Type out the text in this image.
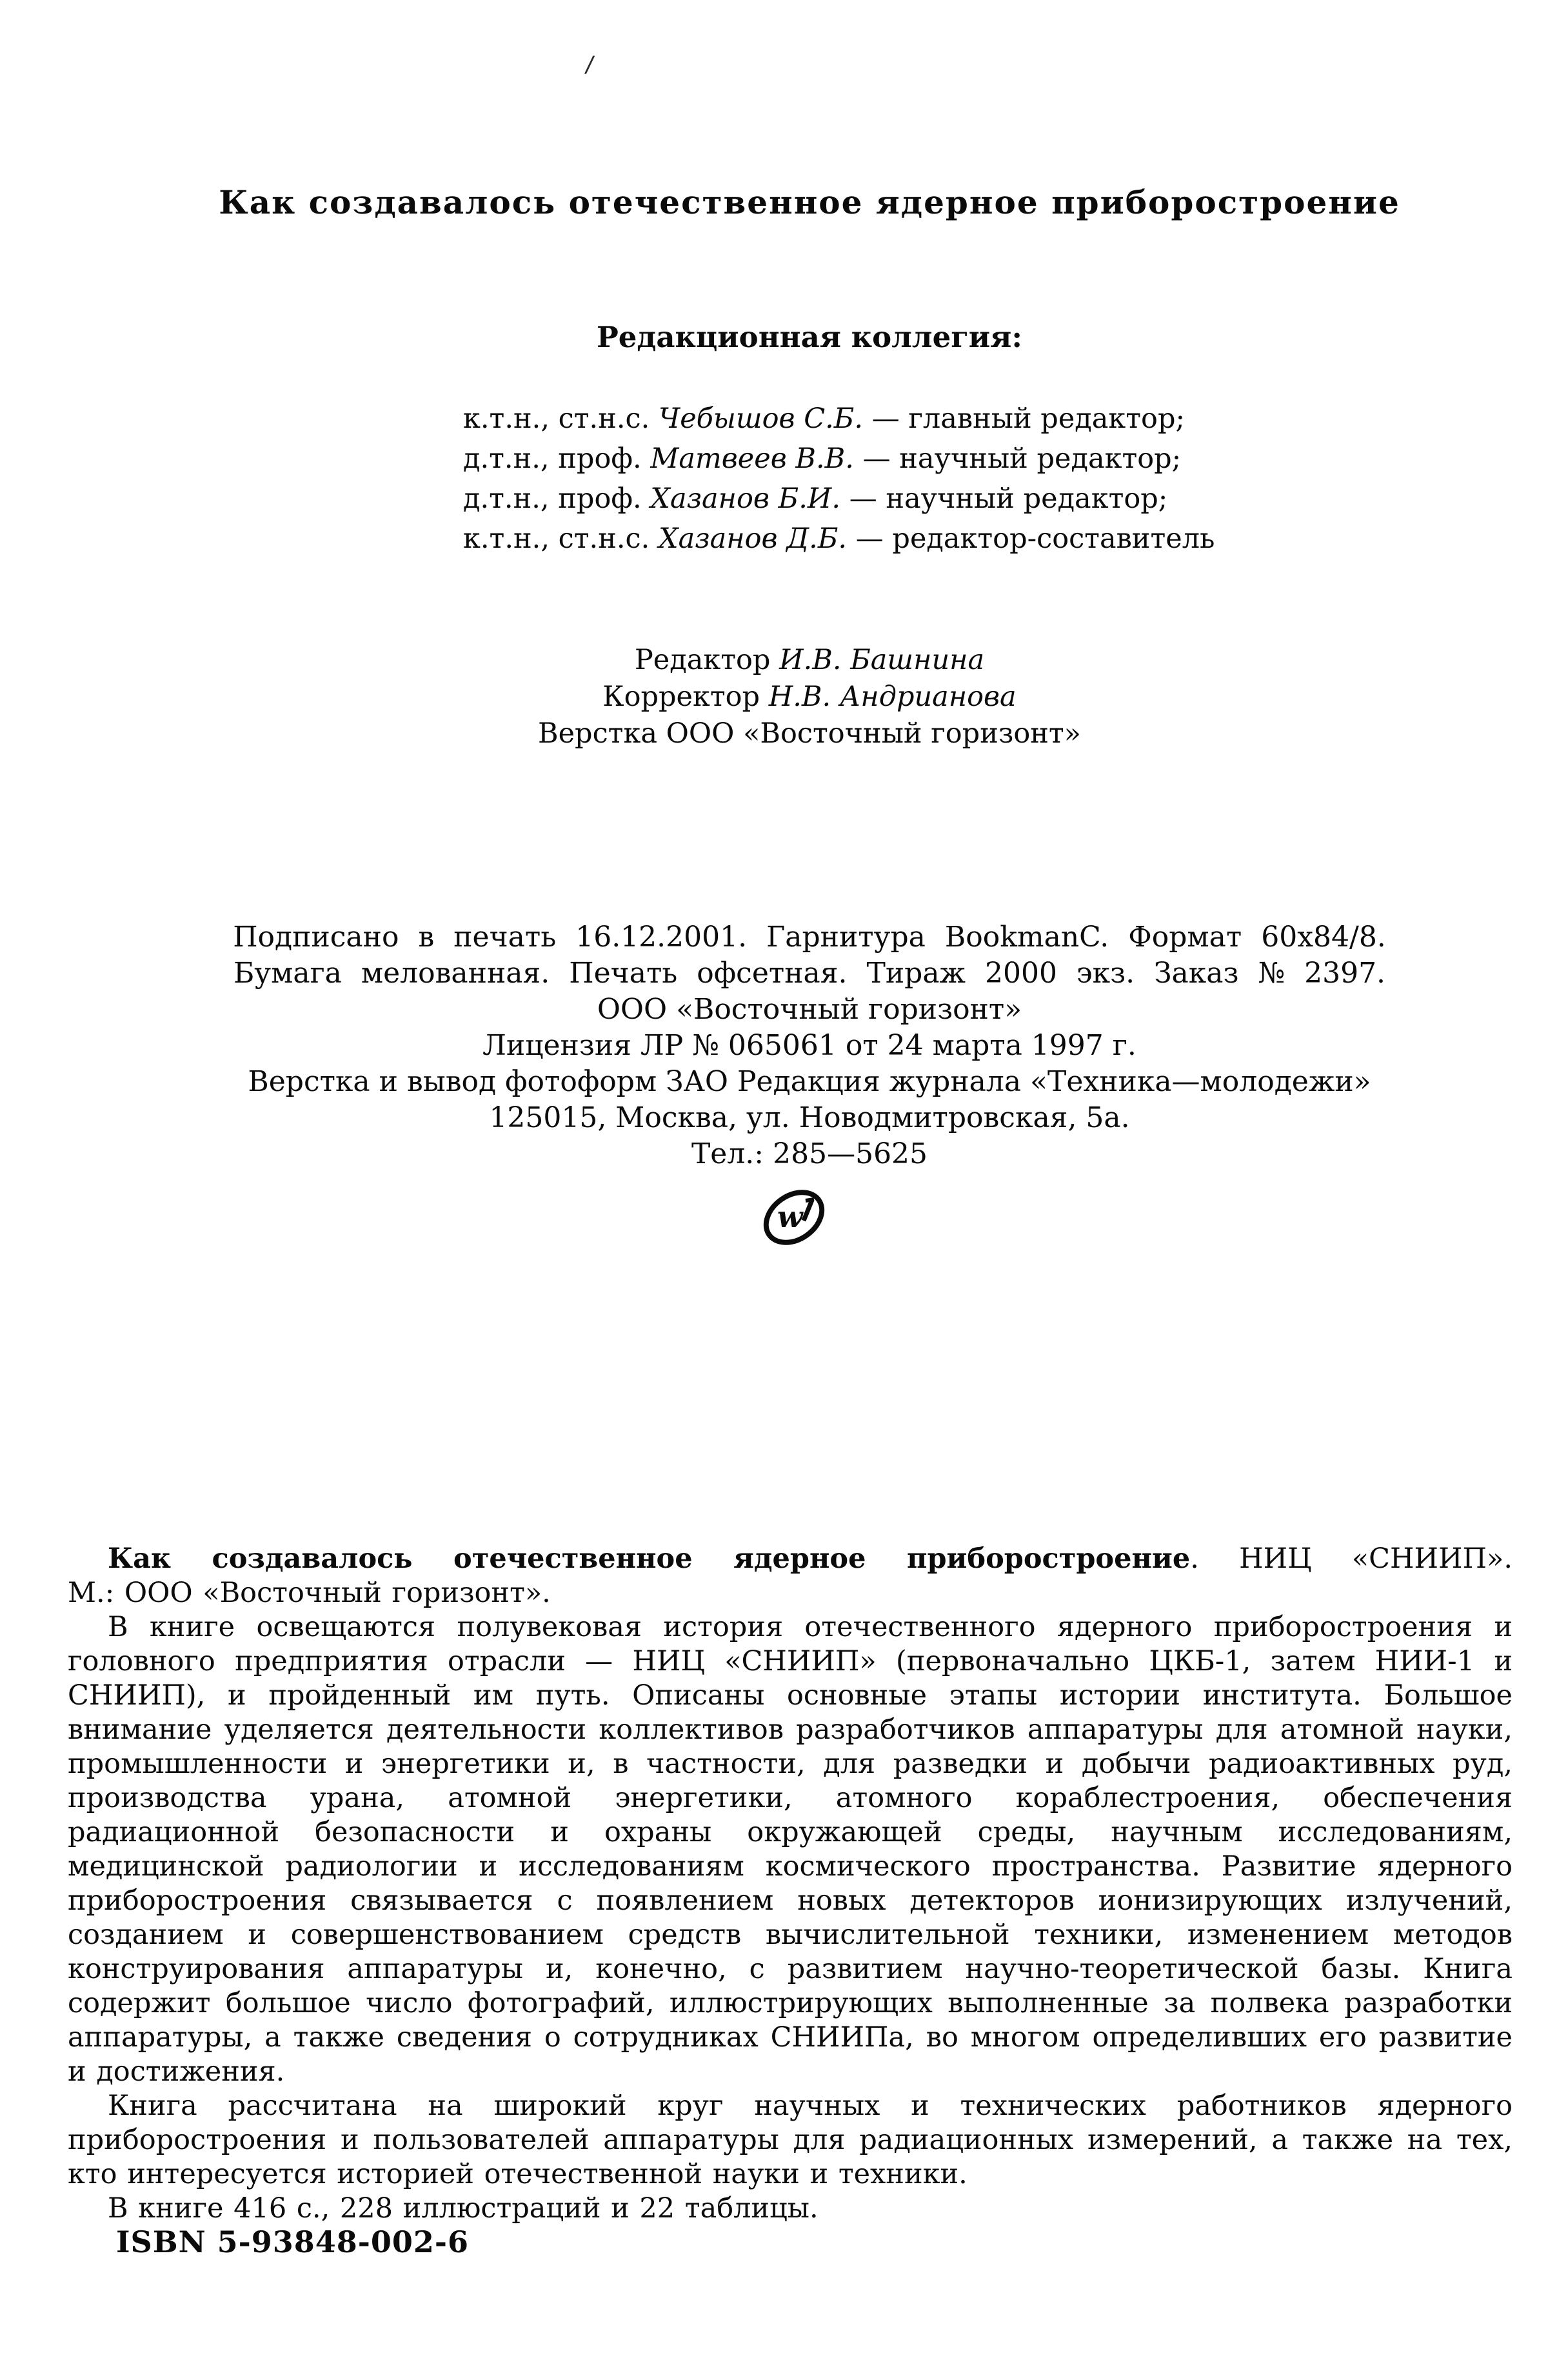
/
Как создавалось отечественное ядерное приборостроение
Редакционная коллегия:
к.т.н., ст.н.с. Чебышов С.Б. — главный редактор;
д.т.н., проф. Матвеев В.В. — научный редактор;
д.т.н., проф. Хазанов Б.И. — научный редактор;
к.т.н., ст.н.с. Хазанов Д.Б. — редактор-составитель
Редактор И.В. Башнина
Корректор Н.В. Андрианова
Верстка ООО «Восточный горизонт»
Подписано в печать 16.12.2001. Гарнитура BookmanC. Формат 60х84/8.
Бумага мелованная. Печать офсетная. Тираж 2000 экз. Заказ № 2397.
ООО «Восточный горизонт»
Лицензия ЛР № 065061 от 24 марта 1997 г.
Верстка и вывод фотоформ ЗАО Редакция журнала «Техника—молодежи»
125015, Москва, ул. Новодмитровская, 5а.
Тел.: 285—5625
w

Как создавалось отечественное ядерное приборостроение. НИЦ «СНИИП».

М.: ООО «Восточный горизонт».

В книге освещаются полувековая история отечественного ядерного приборостроения и головного предприятия отрасли — НИЦ «СНИИП» (первоначально ЦКБ-1, затем НИИ-1 и СНИИП), и пройденный им путь. Описаны основные этапы истории института. Большое внимание уделяется деятельности коллективов разработчиков аппаратуры для атомной науки, промышленности и энергетики и, в частности, для разведки и добычи радиоактивных руд, производства урана, атомной энергетики, атомного кораблестроения, обеспечения радиационной безопасности и охраны окружающей среды, научным исследованиям, медицинской радиологии и исследованиям космического пространства. Развитие ядерного приборостроения связывается с появлением новых детекторов ионизирующих излучений, созданием и совершенствованием средств вычислительной техники, изменением методов конструирования аппаратуры и, конечно, с развитием научно-теоретической базы. Книга содержит большое число фотографий, иллюстрирующих выполненные за полвека разработки аппаратуры, а также сведения о сотрудниках СНИИПа, во многом определивших его развитие и достижения.

Книга рассчитана на широкий круг научных и технических работников ядерного приборостроения и пользователей аппаратуры для радиационных измерений, а также на тех, кто интересуется историей отечественной науки и техники.

В книге 416 с., 228 иллюстраций и 22 таблицы.

ISBN 5-93848-002-6
